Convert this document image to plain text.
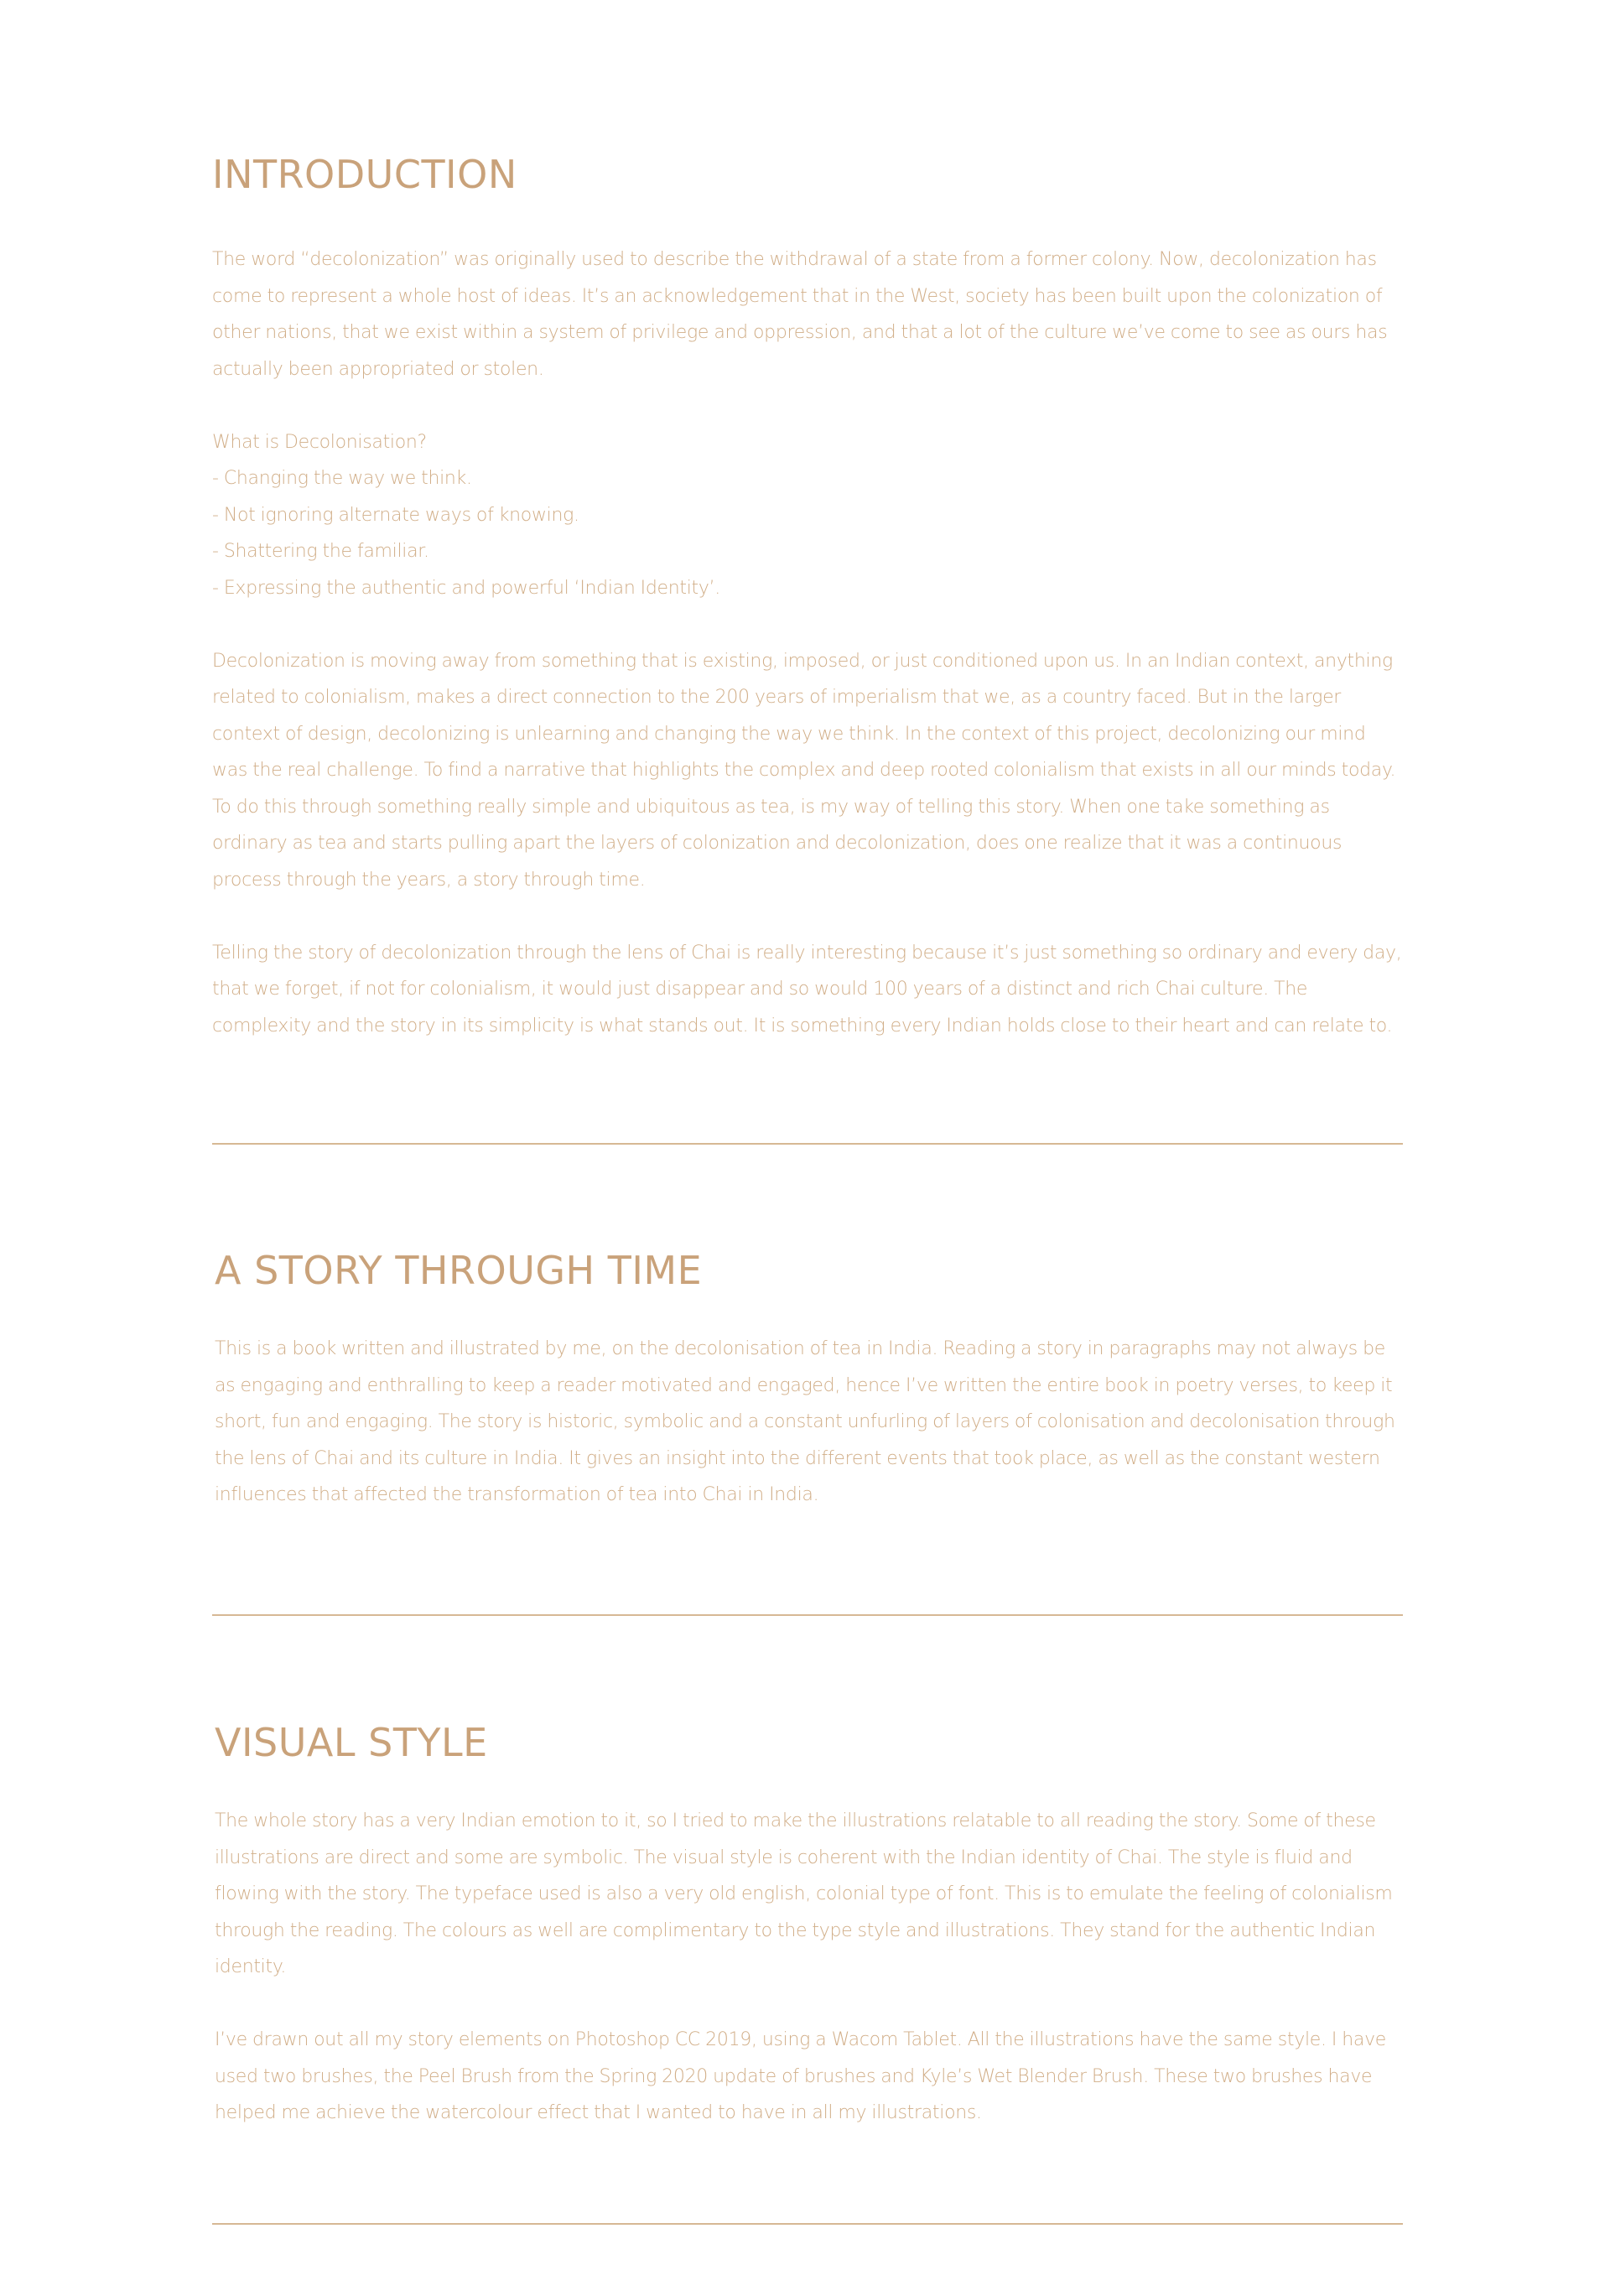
INTRODUCTION

The word “decolonization” was originally used to describe the withdrawal of a state from a former colony. Now, decolonization has come to represent a whole host of ideas. It’s an acknowledgement that in the West, society has been built upon the colonization of other nations, that we exist within a system of privilege and oppression, and that a lot of the culture we’ve come to see as ours has actually been appropriated or stolen.

What is Decolonisation?
- Changing the way we think.
- Not ignoring alternate ways of knowing.
- Shattering the familiar.
- Expressing the authentic and powerful ‘Indian Identity’.

Decolonization is moving away from something that is existing, imposed, or just conditioned upon us. In an Indian context, anything related to colonialism, makes a direct connection to the 200 years of imperialism that we, as a country faced. But in the larger context of design, decolonizing is unlearning and changing the way we think. In the context of this project, decolonizing our mind was the real challenge. To find a narrative that highlights the complex and deep rooted colonialism that exists in all our minds today. To do this through something really simple and ubiquitous as tea, is my way of telling this story. When one take something as ordinary as tea and starts pulling apart the layers of colonization and decolonization, does one realize that it was a continuous process through the years, a story through time.

Telling the story of decolonization through the lens of Chai is really interesting because it’s just something so ordinary and every day, that we forget, if not for colonialism, it would just disappear and so would 100 years of a distinct and rich Chai culture. The complexity and the story in its simplicity is what stands out. It is something every Indian holds close to their heart and can relate to.

A STORY THROUGH TIME

This is a book written and illustrated by me, on the decolonisation of tea in India. Reading a story in paragraphs may not always be as engaging and enthralling to keep a reader motivated and engaged, hence I’ve written the entire book in poetry verses, to keep it short, fun and engaging. The story is historic, symbolic and a constant unfurling of layers of colonisation and decolonisation through the lens of Chai and its culture in India. It gives an insight into the different events that took place, as well as the constant western influences that affected the transformation of tea into Chai in India.

VISUAL STYLE

The whole story has a very Indian emotion to it, so I tried to make the illustrations relatable to all reading the story. Some of these illustrations are direct and some are symbolic. The visual style is coherent with the Indian identity of Chai. The style is fluid and flowing with the story. The typeface used is also a very old english, colonial type of font. This is to emulate the feeling of colonialism through the reading. The colours as well are complimentary to the type style and illustrations. They stand for the authentic Indian identity.

I’ve drawn out all my story elements on Photoshop CC 2019, using a Wacom Tablet. All the illustrations have the same style. I have used two brushes, the Peel Brush from the Spring 2020 update of brushes and Kyle’s Wet Blender Brush. These two brushes have helped me achieve the watercolour effect that I wanted to have in all my illustrations.
